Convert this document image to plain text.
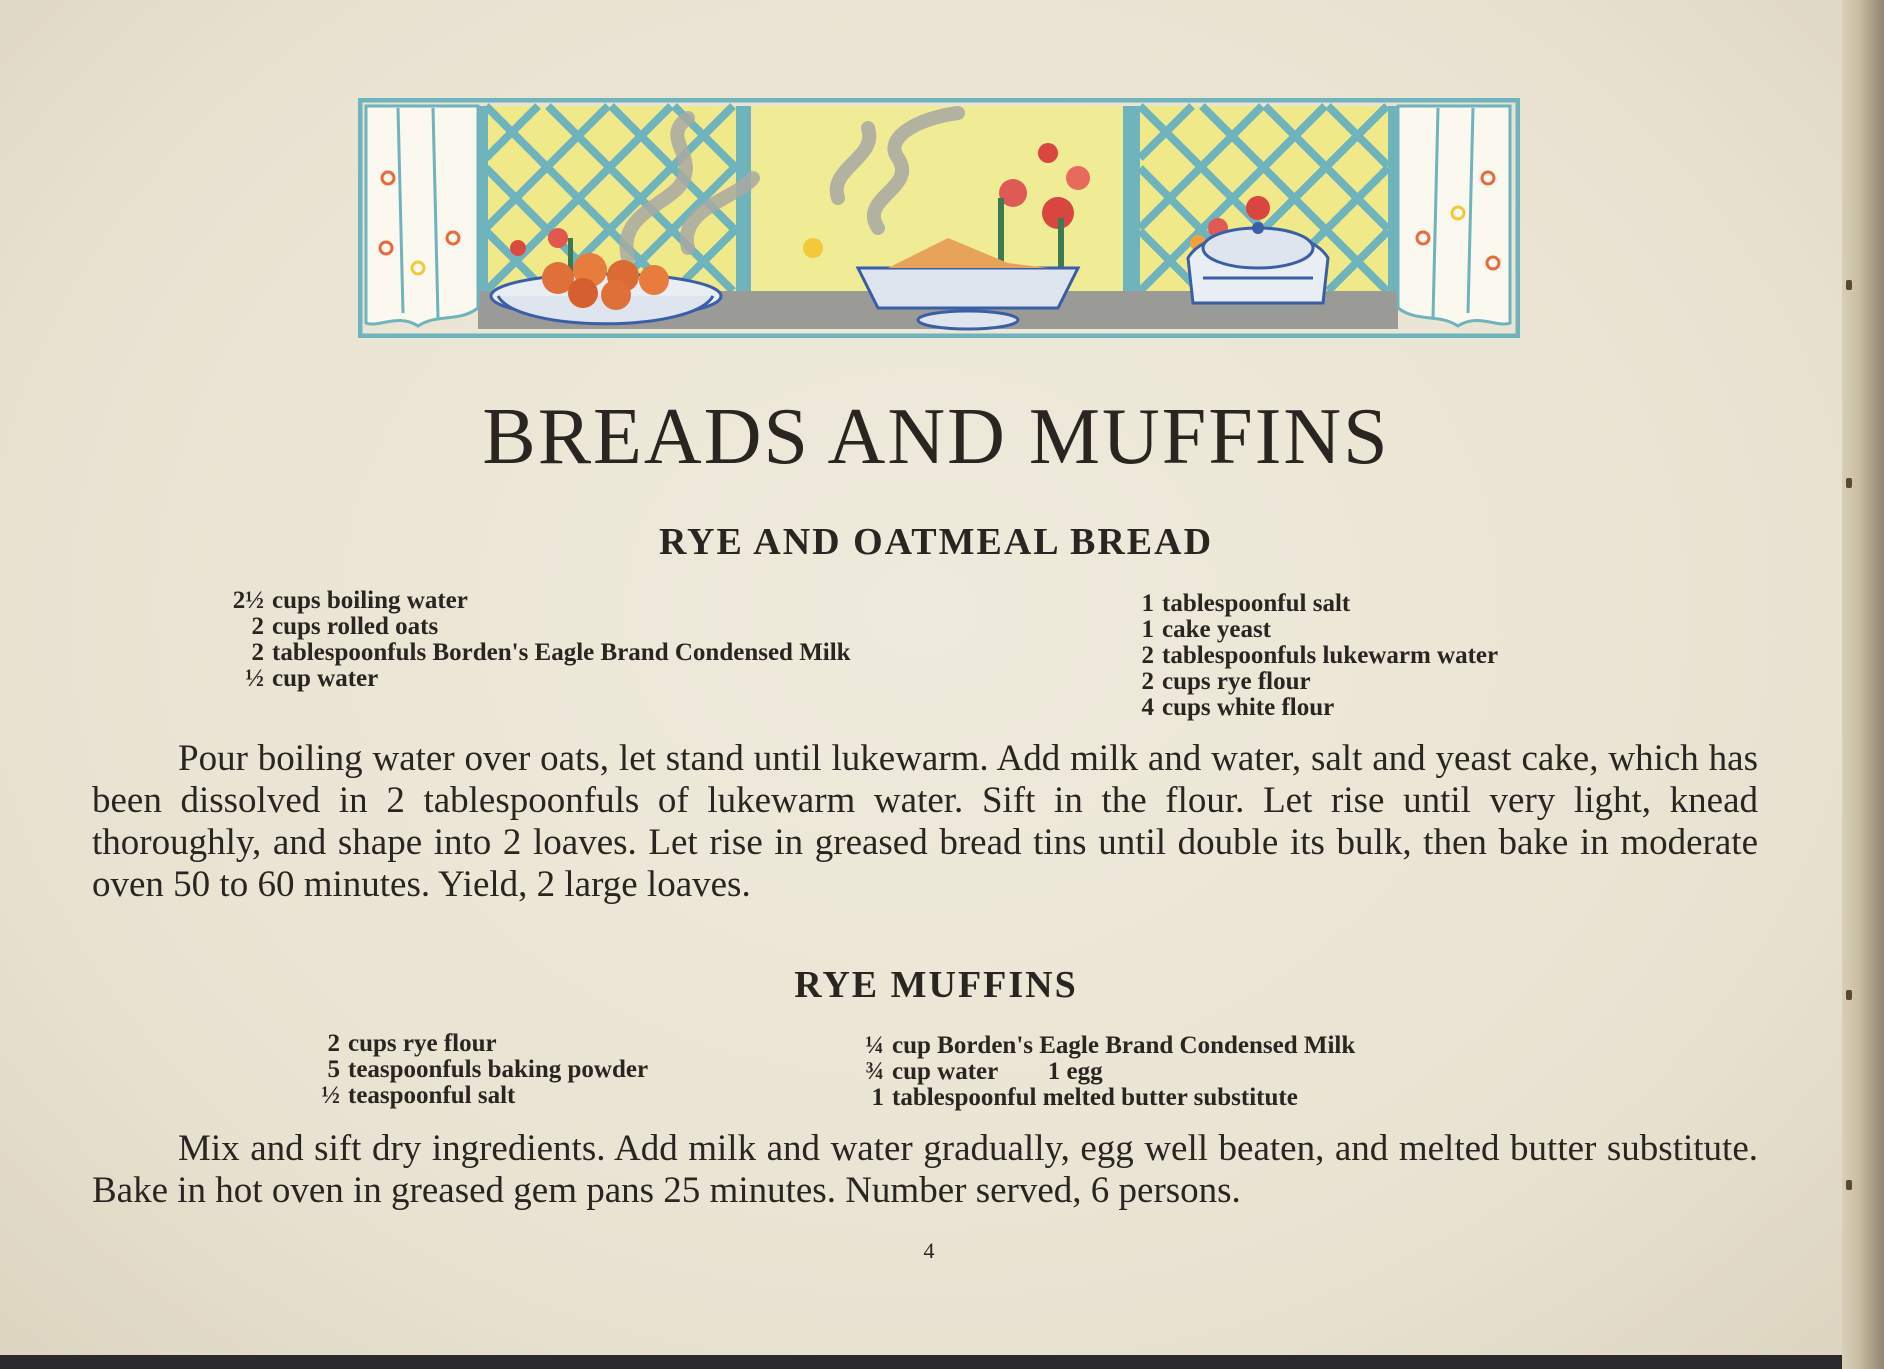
BREADS AND MUFFINS
RYE AND OATMEAL BREAD
2½ cups boiling water
2 cups rolled oats
2 tablespoonfuls Borden's Eagle Brand Condensed Milk
½ cup water
1 tablespoonful salt
1 cake yeast
2 tablespoonfuls lukewarm water
2 cups rye flour
4 cups white flour

Pour boiling water over oats, let stand until lukewarm. Add milk and water, salt and yeast cake, which has been dissolved in 2 tablespoonfuls of lukewarm water. Sift in the flour. Let rise until very light, knead thoroughly, and shape into 2 loaves. Let rise in greased bread tins until double its bulk, then bake in moderate oven 50 to 60 minutes. Yield, 2 large loaves.

RYE MUFFINS
2 cups rye flour
5 teaspoonfuls baking powder
½ teaspoonful salt
¼ cup Borden's Eagle Brand Condensed Milk
¾ cup water        1 egg
1 tablespoonful melted butter substitute

Mix and sift dry ingredients. Add milk and water gradually, egg well beaten, and melted butter substitute. Bake in hot oven in greased gem pans 25 minutes. Number served, 6 persons.

4
